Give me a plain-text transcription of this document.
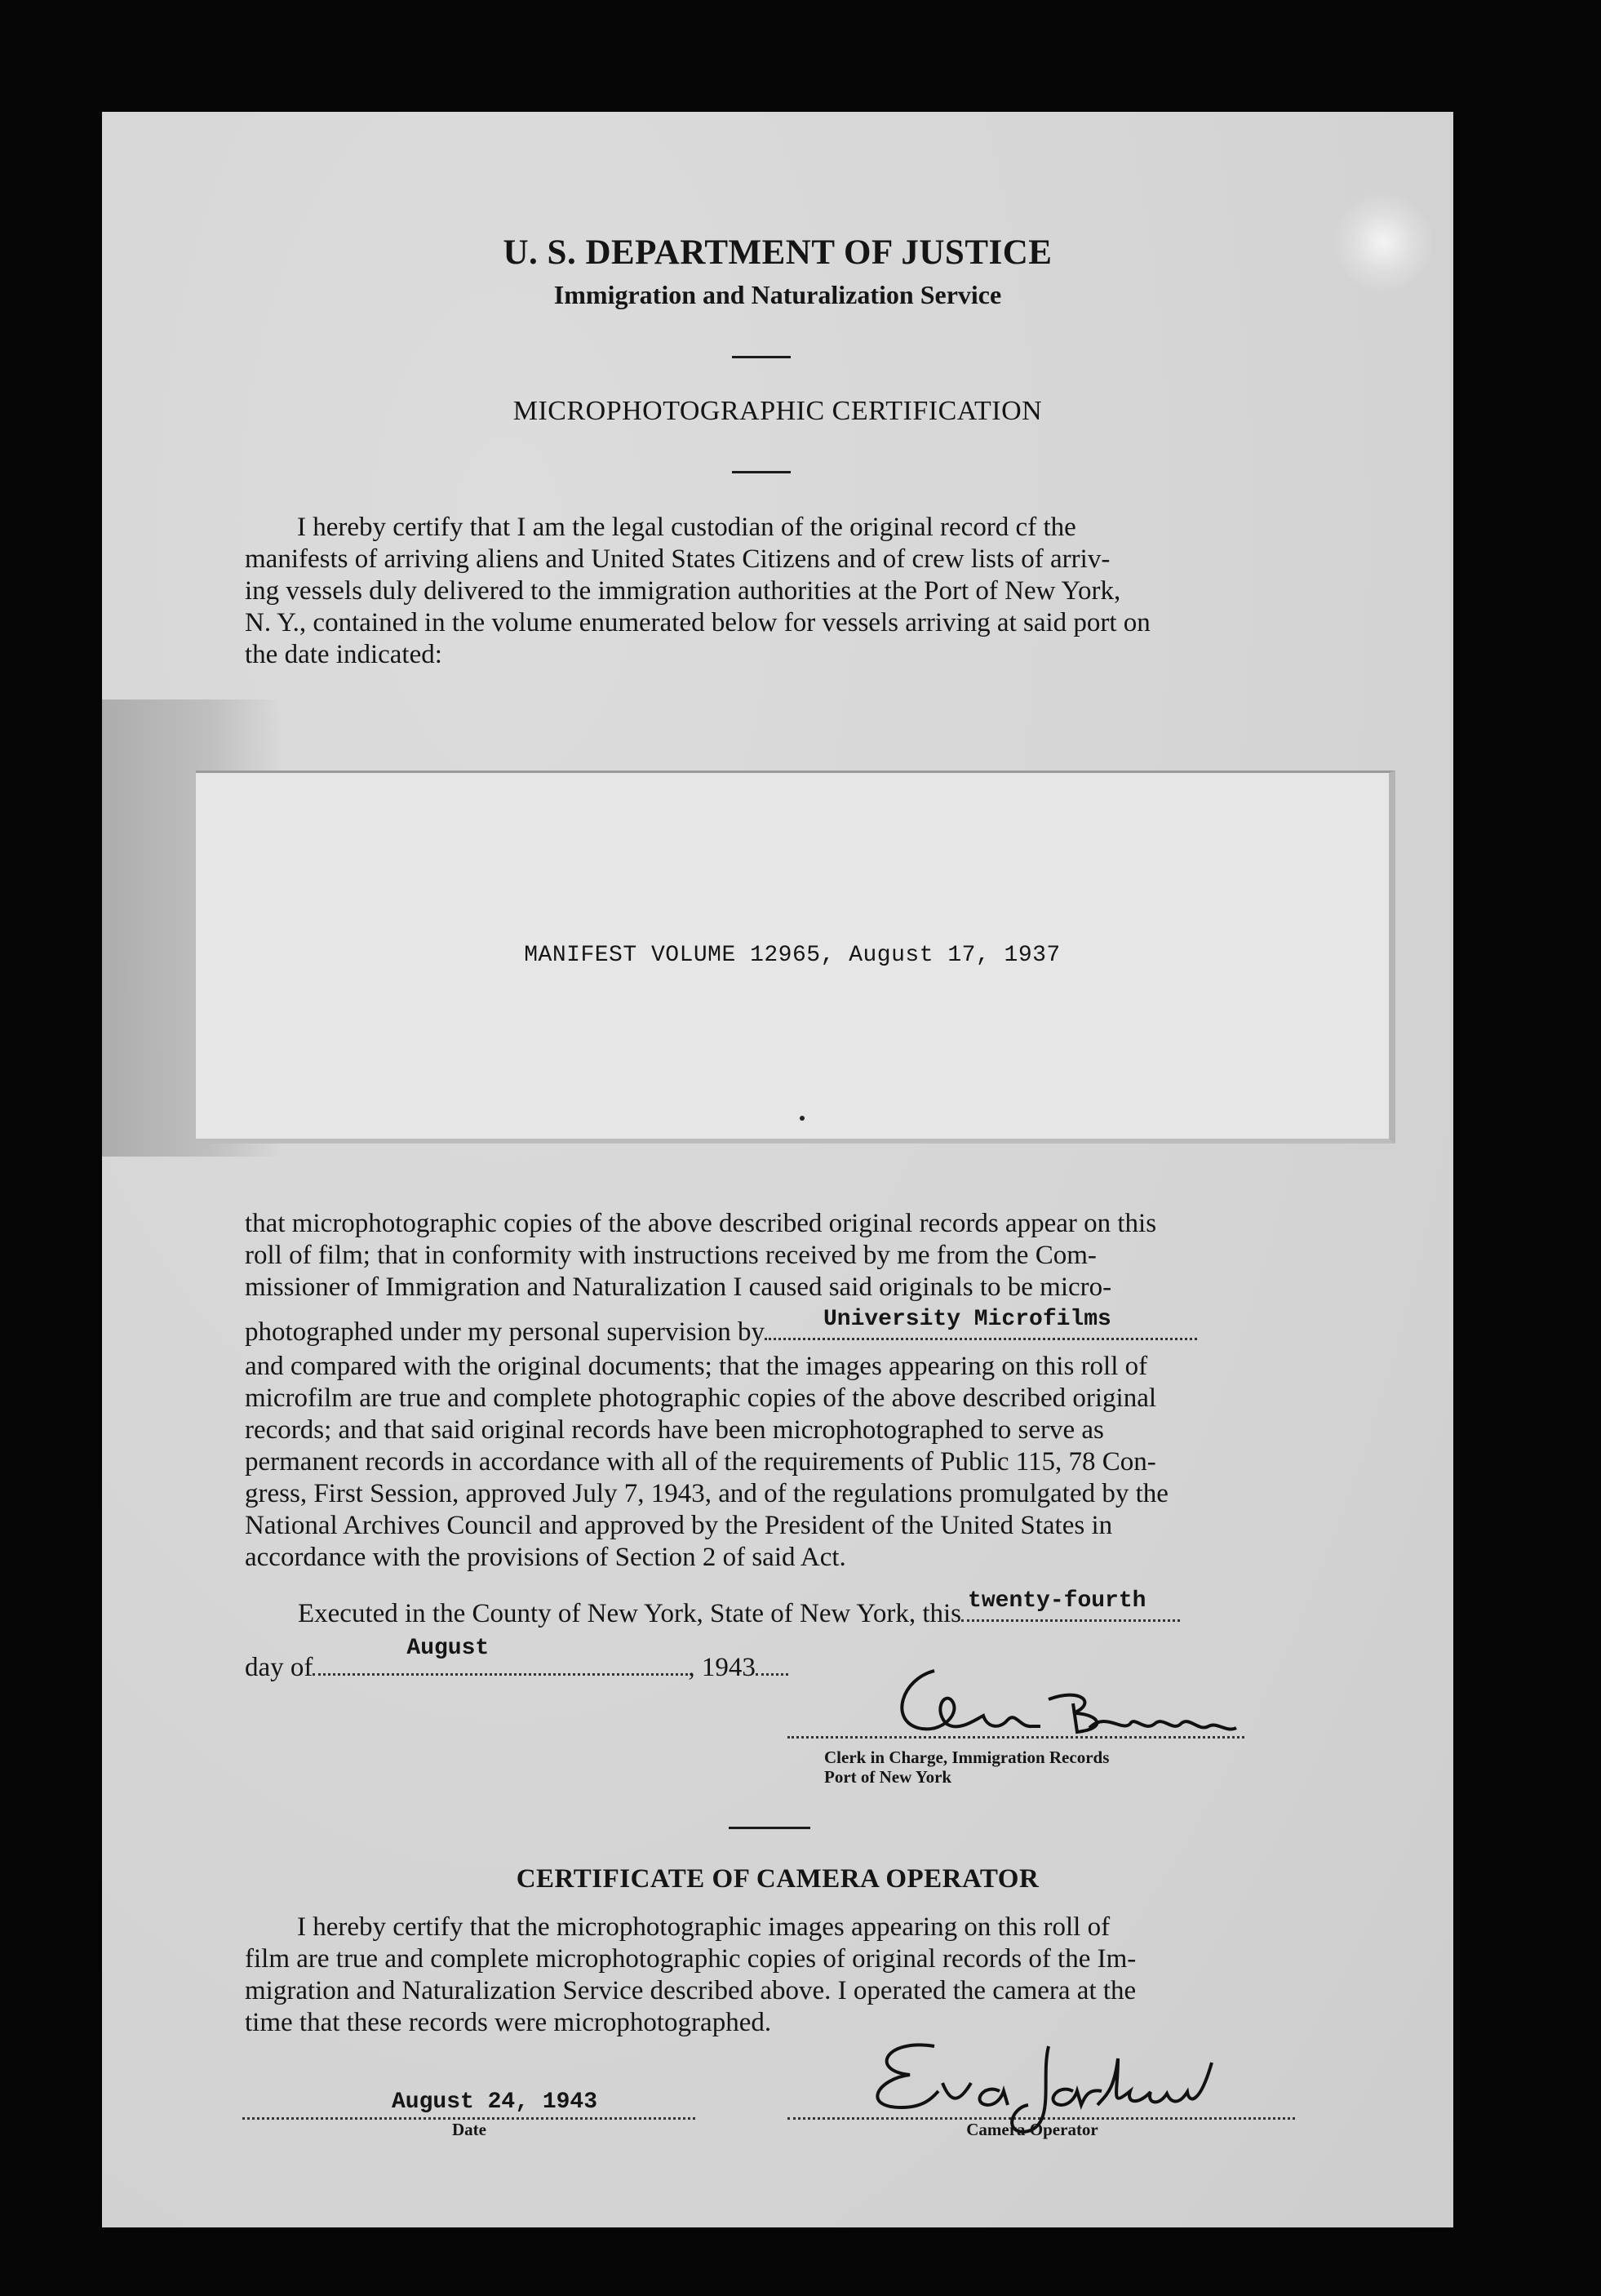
U. S. DEPARTMENT OF JUSTICE
Immigration and Naturalization Service
MICROPHOTOGRAPHIC CERTIFICATION
I hereby certify that I am the legal custodian of the original record cf the
manifests of arriving aliens and United States Citizens and of crew lists of arriv-
ing vessels duly delivered to the immigration authorities at the Port of New York,
N. Y., contained in the volume enumerated below for vessels arriving at said port on
the date indicated:
MANIFEST VOLUME 12965, August 17, 1937
that microphotographic copies of the above described original records appear on this
roll of film; that in conformity with instructions received by me from the Com-
missioner of Immigration and Naturalization I caused said originals to be micro-
photographed under my personal supervision by	University Microfilms
and compared with the original documents; that the images appearing on this roll of
microfilm are true and complete photographic copies of the above described original
records; and that said original records have been microphotographed to serve as
permanent records in accordance with all of the requirements of Public 115, 78 Con-
gress, First Session, approved July 7, 1943, and of the regulations promulgated by the
National Archives Council and approved by the President of the United States in
accordance with the provisions of Section 2 of said Act.
Executed in the County of New York, State of New York, this twenty-fourth
day of
August
, 1943
Clerk in Charge, Immigration Records
Port of New York
CERTIFICATE OF CAMERA OPERATOR
I hereby certify that the microphotographic images appearing on this roll of
film are true and complete microphotographic copies of original records of the Im-
migration and Naturalization Service described above. I operated the camera at the
time that these records were microphotographed.
August 24, 1943
Date	Camera Operator
